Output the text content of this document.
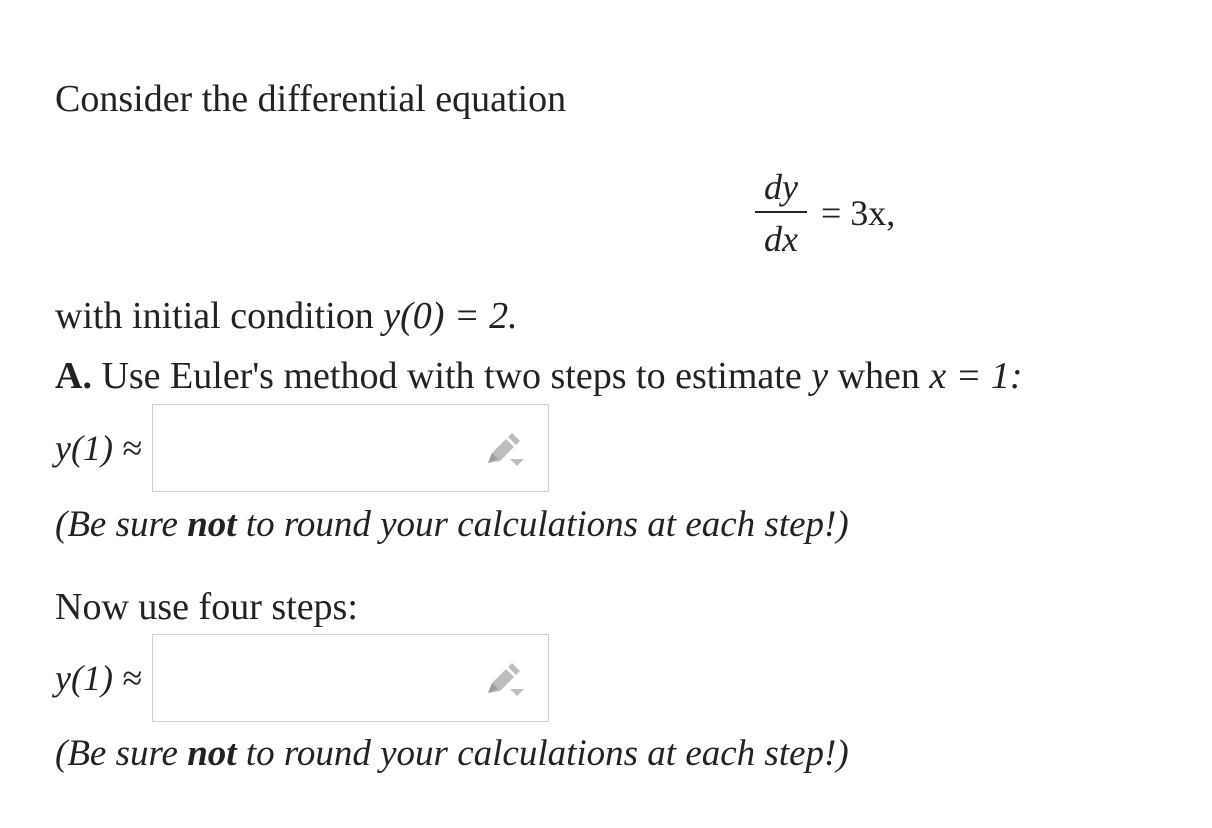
Consider the differential equation
$\frac{dy}{dx} = 3x$,
with initial condition y(0) = 2.
A. Use Euler's method with two steps to estimate y when x = 1:
y(1) ≈
(Be sure not to round your calculations at each step!)
Now use four steps:
y(1) ≈
(Be sure not to round your calculations at each step!)
